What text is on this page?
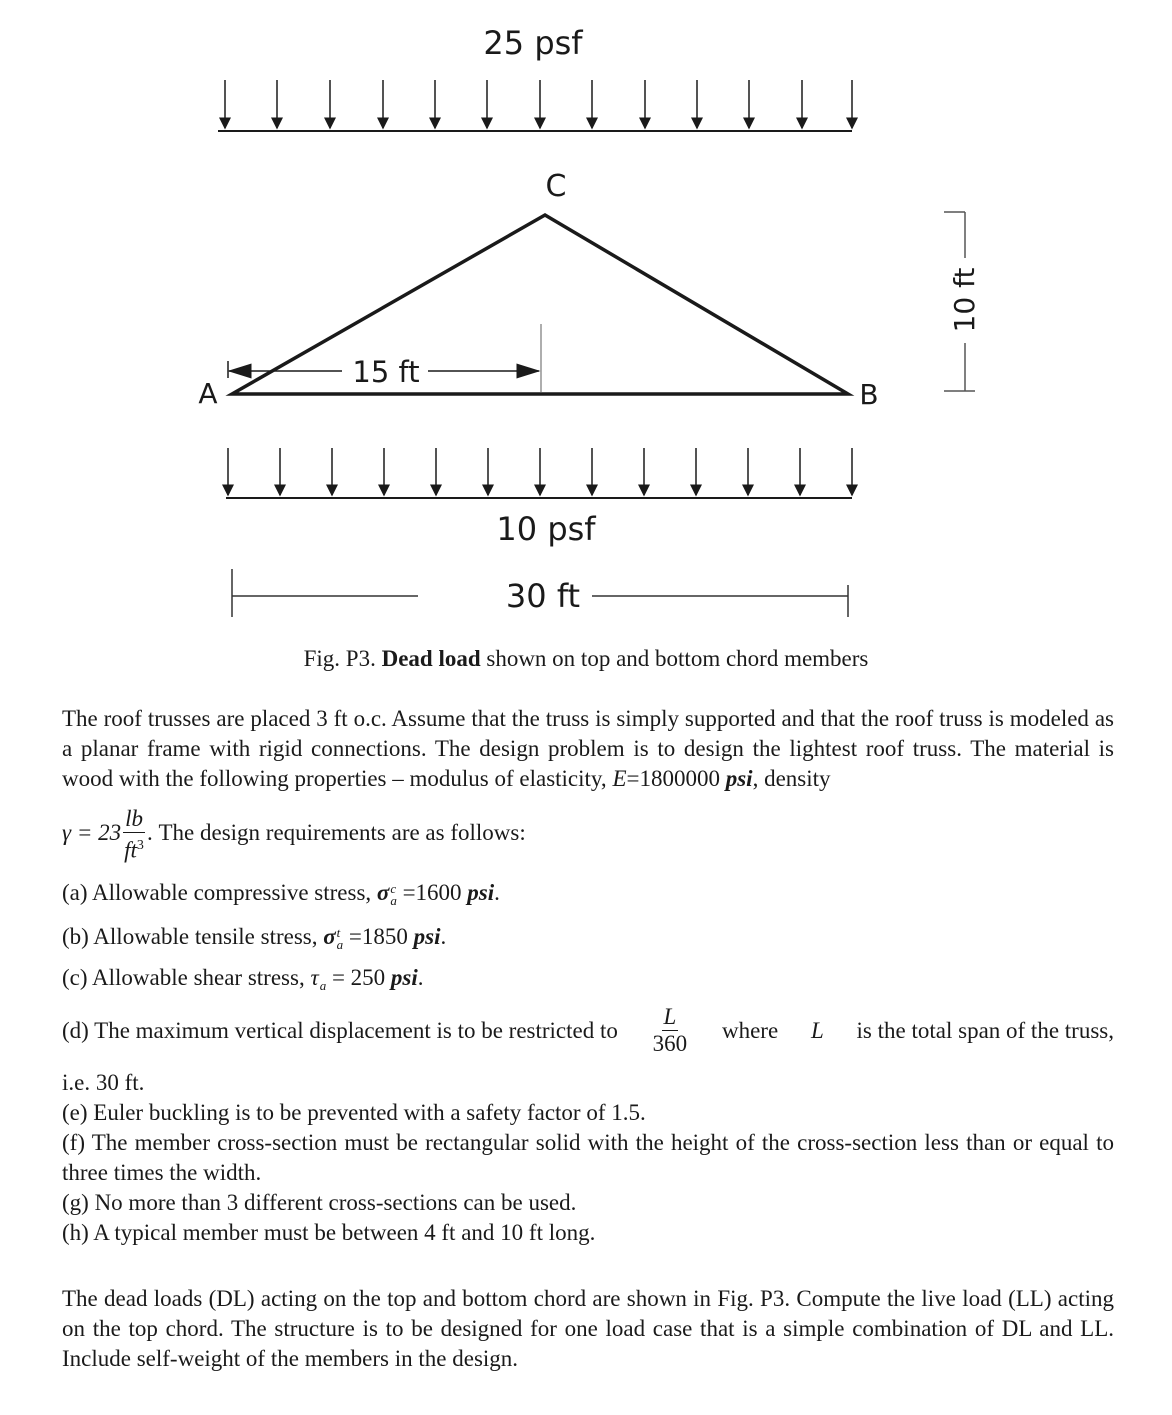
25 psf
C
A	B
15 ft
10 ft
10 psf
30 ft
Fig. P3. Dead load shown on top and bottom chord members
The roof trusses are placed 3 ft o.c. Assume that the truss is simply supported and that the roof truss is modeled as a planar frame with rigid connections. The design problem is to design the lightest roof truss. The material is wood with the following properties – modulus of elasticity, E=1800000 psi, density
$\gamma = 23 \frac{lb}{ft^3}$ . The design requirements are as follows:
(a) Allowable compressive stress, σ c
a =1600 psi.
(b) Allowable tensile stress, σ t
a =1850 psi.
(c) Allowable shear stress, τ
a = 250 psi.
(d) The maximum vertical displacement is to be restricted to $\frac{L}{360}$ where L is the total span of the truss,
i.e. 30 ft.
(e) Euler buckling is to be prevented with a safety factor of 1.5.
(f) The member cross-section must be rectangular solid with the height of the cross-section less than or equal to three times the width.
(g) No more than 3 different cross-sections can be used.
(h) A typical member must be between 4 ft and 10 ft long.
The dead loads (DL) acting on the top and bottom chord are shown in Fig. P3. Compute the live load (LL) acting on the top chord. The structure is to be designed for one load case that is a simple combination of DL and LL. Include self-weight of the members in the design.
